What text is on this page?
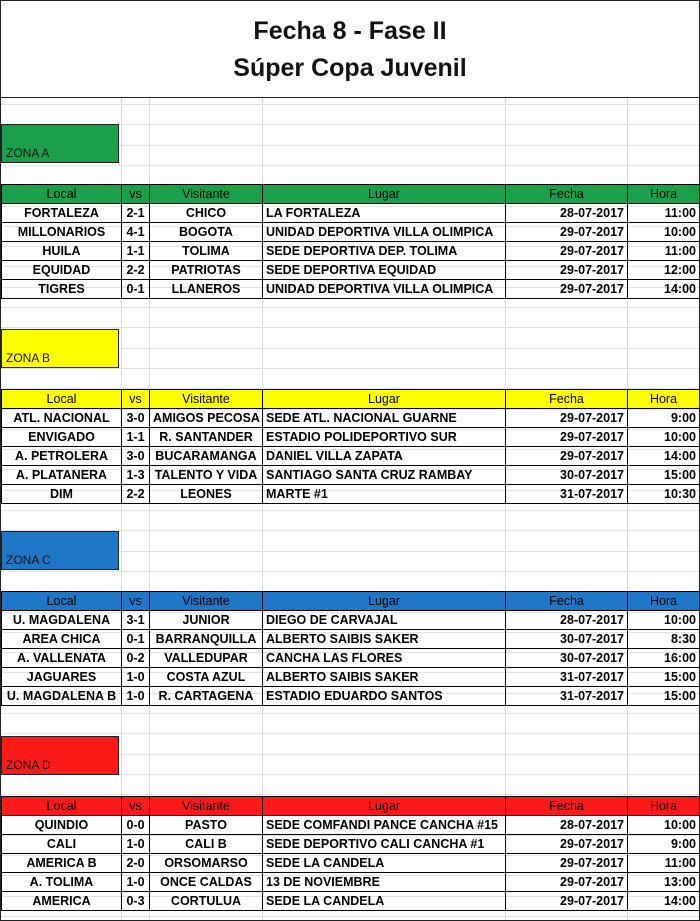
Fecha 8 - Fase II
Súper Copa Juvenil
ZONA A
Local	vs	Visitante	Lugar	Fecha	Hora
FORTALEZA	2-1	CHICO	LA FORTALEZA	28-07-2017	11:00
MILLONARIOS	4-1	BOGOTA	UNIDAD DEPORTIVA VILLA OLIMPICA	29-07-2017	10:00
HUILA	1-1	TOLIMA	SEDE DEPORTIVA DEP. TOLIMA	29-07-2017	11:00
EQUIDAD	2-2	PATRIOTAS	SEDE DEPORTIVA EQUIDAD	29-07-2017	12:00
TIGRES	0-1	LLANEROS	UNIDAD DEPORTIVA VILLA OLIMPICA	29-07-2017	14:00
ZONA B
Local	vs	Visitante	Lugar	Fecha	Hora
ATL. NACIONAL	3-0	AMIGOS PECOSA	SEDE ATL. NACIONAL GUARNE	29-07-2017	9:00
ENVIGADO	1-1	R. SANTANDER	ESTADIO POLIDEPORTIVO SUR	29-07-2017	10:00
A. PETROLERA	3-0	BUCARAMANGA	DANIEL VILLA ZAPATA	29-07-2017	14:00
A. PLATANERA	1-3	TALENTO Y VIDA	SANTIAGO SANTA CRUZ RAMBAY	30-07-2017	15:00
DIM	2-2	LEONES	MARTE #1	31-07-2017	10:30
ZONA C
Local	vs	Visitante	Lugar	Fecha	Hora
U. MAGDALENA	3-1	JUNIOR	DIEGO DE CARVAJAL	28-07-2017	10:00
AREA CHICA	0-1	BARRANQUILLA	ALBERTO SAIBIS SAKER	30-07-2017	8:30
A. VALLENATA	0-2	VALLEDUPAR	CANCHA LAS FLORES	30-07-2017	16:00
JAGUARES	1-0	COSTA AZUL	ALBERTO SAIBIS SAKER	31-07-2017	15:00
U. MAGDALENA B	1-0	R. CARTAGENA	ESTADIO EDUARDO SANTOS	31-07-2017	15:00
ZONA D
Local	vs	Visitante	Lugar	Fecha	Hora
QUINDIO	0-0	PASTO	SEDE COMFANDI PANCE CANCHA #15	28-07-2017	10:00
CALI	1-0	CALI B	SEDE DEPORTIVO CALI CANCHA #1	29-07-2017	9:00
AMERICA B	2-0	ORSOMARSO	SEDE LA CANDELA	29-07-2017	11:00
A. TOLIMA	1-0	ONCE CALDAS	13 DE NOVIEMBRE	29-07-2017	13:00
AMERICA	0-3	CORTULUA	SEDE LA CANDELA	29-07-2017	14:00
